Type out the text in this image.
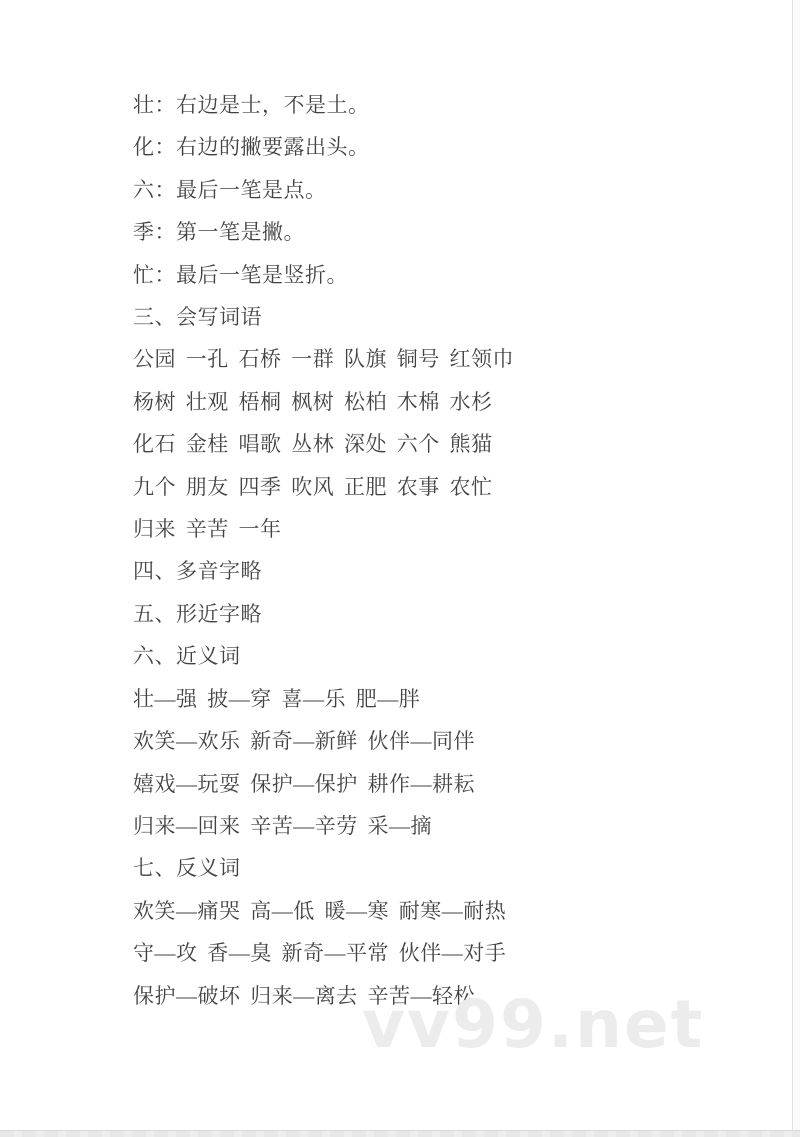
壮：右边是士，不是土。

化：右边的撇要露出头。

六：最后一笔是点。

季：第一笔是撇。

忙：最后一笔是竖折。

三、会写词语

公园 一孔 石桥 一群 队旗 铜号 红领巾

杨树 壮观 梧桐 枫树 松柏 木棉 水杉

化石 金桂 唱歌 丛林 深处 六个 熊猫

九个 朋友 四季 吹风 正肥 农事 农忙

归来 辛苦 一年

四、多音字略

五、形近字略

六、近义词

壮—强 披—穿 喜—乐 肥—胖

欢笑—欢乐 新奇—新鲜 伙伴—同伴

嬉戏—玩耍 保护—保护 耕作—耕耘

归来—回来 辛苦—辛劳 采—摘

七、反义词

欢笑—痛哭 高—低 暖—寒 耐寒—耐热

守—攻 香—臭 新奇—平常 伙伴—对手

保护—破坏 归来—离去 辛苦—轻松

vv99.net
